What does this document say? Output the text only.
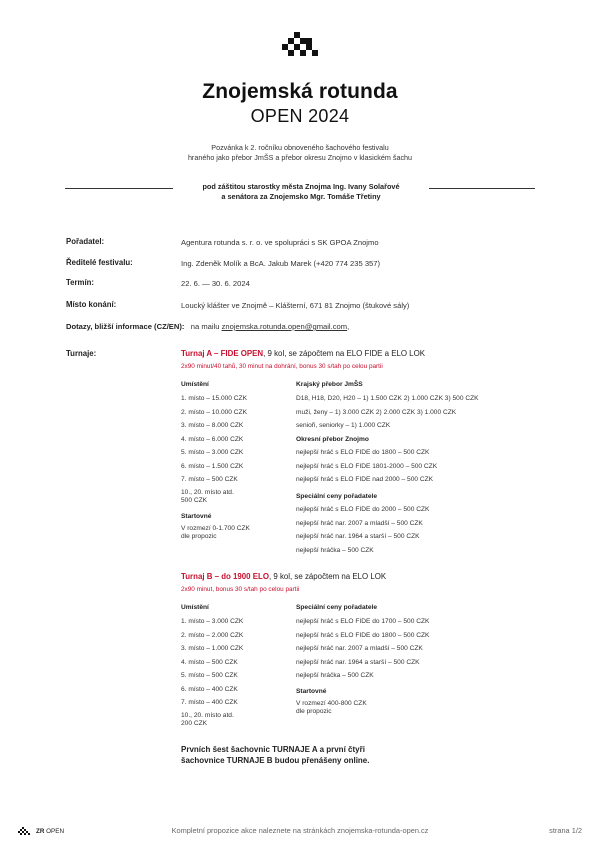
Znojemská rotunda
OPEN 2024
Pozvánka k 2. ročníku obnoveného šachového festivalu
hraného jako přebor JmŠS a přebor okresu Znojmo v klasickém šachu
pod záštitou starostky města Znojma Ing. Ivany Solařové
a senátora za Znojemsko Mgr. Tomáše Třetiny
Pořadatel:	Agentura rotunda s. r. o. ve spolupráci s SK GPOA Znojmo
Ředitelé festivalu:	Ing. Zdeněk Molík a BcA. Jakub Marek (+420 774 235 357)
Termín:	22. 6. — 30. 6. 2024
Místo konání:	Loucký klášter ve Znojmě – Klášterní, 671 81 Znojmo (štukové sály)
Dotazy, bližší informace (CZ/EN): na mailu znojemska.rotunda.open@gmail.com,
Turnaje:	Turnaj A – FIDE OPEN, 9 kol, se zápočtem na ELO FIDE a ELO LOK
2x90 minut/40 tahů, 30 minut na dohrání, bonus 30 s/tah po celou partii
Umístění
1. místo – 15.000 CZK
2. místo – 10.000 CZK
3. místo – 8.000 CZK
4. místo – 6.000 CZK
5. místo – 3.000 CZK
6. místo – 1.500 CZK
7. místo – 500 CZK
10., 20. místo atd.
500 CZK
Startovné
V rozmezí 0-1.700 CZK
dle propozic
Krajský přebor JmŠS
D18, H18, D20, H20 – 1) 1.500 CZK 2) 1.000 CZK 3) 500 CZK
muži, ženy – 1) 3.000 CZK 2) 2.000 CZK 3) 1.000 CZK
senioři, seniorky – 1) 1.000 CZK
Okresní přebor Znojmo
nejlepší hráč s ELO FIDE do 1800 – 500 CZK
nejlepší hráč s ELO FIDE 1801-2000 – 500 CZK
nejlepší hráč s ELO FIDE nad 2000 – 500 CZK
Speciální ceny pořadatele
nejlepší hráč s ELO FIDE do 2000 – 500 CZK
nejlepší hráč nar. 2007 a mladší – 500 CZK
nejlepší hráč nar. 1964 a starší – 500 CZK
nejlepší hráčka – 500 CZK
Turnaj B – do 1900 ELO, 9 kol, se zápočtem na ELO LOK
2x90 minut, bonus 30 s/tah po celou partii
Umístění
1. místo – 3.000 CZK
2. místo – 2.000 CZK
3. místo – 1.000 CZK
4. místo – 500 CZK
5. místo – 500 CZK
6. místo – 400 CZK
7. místo – 400 CZK
10., 20. místo atd.
200 CZK
Speciální ceny pořadatele
nejlepší hráč s ELO FIDE do 1700 – 500 CZK
nejlepší hráč s ELO FIDE do 1800 – 500 CZK
nejlepší hráč nar. 2007 a mladší – 500 CZK
nejlepší hráč nar. 1964 a starší – 500 CZK
nejlepší hráčka – 500 CZK
Startovné
V rozmezí 400-800 CZK
dle propozic
Prvních šest šachovnic TURNAJE A a první čtyři
šachovnice TURNAJE B budou přenášeny online.
ZR OPEN	Kompletní propozice akce naleznete na stránkách znojemska-rotunda-open.cz	strana 1/2
